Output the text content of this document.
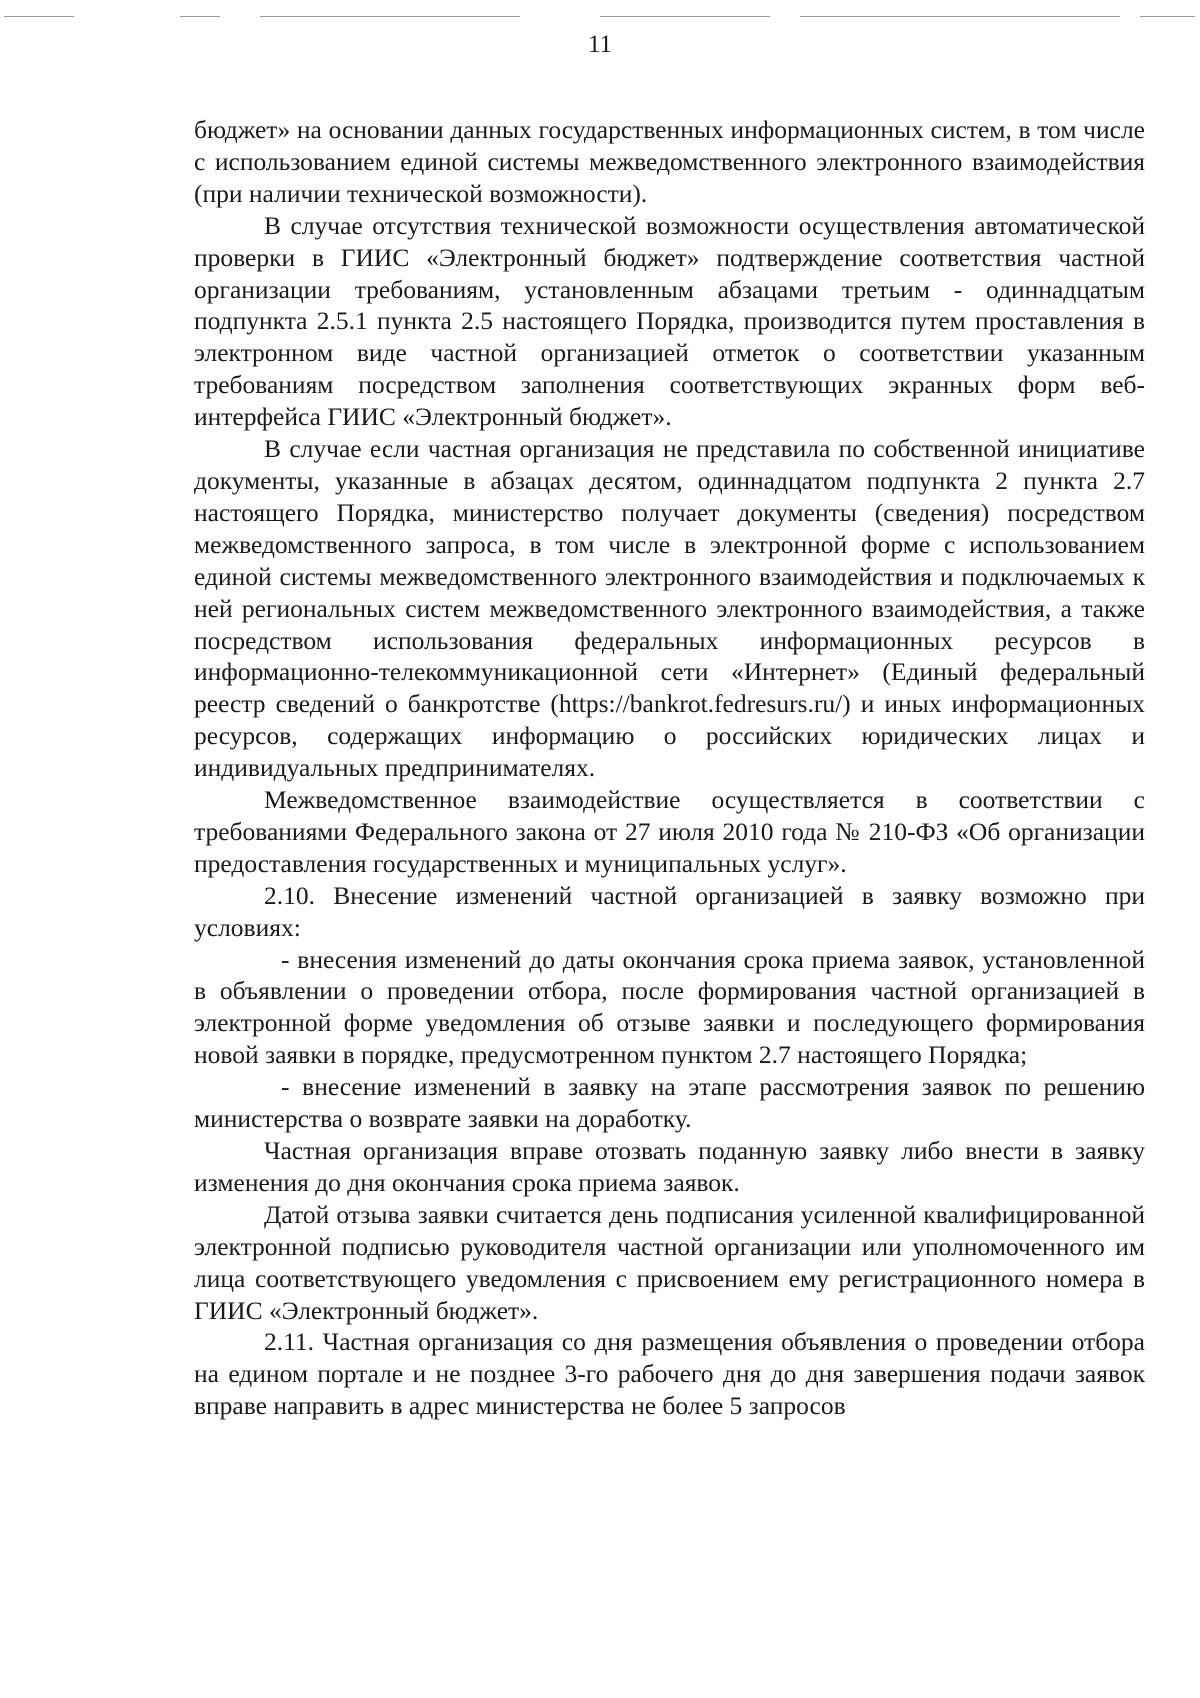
11

бюджет» на основании данных государственных информационных систем, в том числе с использованием единой системы межведомственного электронного взаимодействия (при наличии технической возможности).

В случае отсутствия технической возможности осуществления автоматической проверки в ГИИС «Электронный бюджет» подтверждение соответствия частной организации требованиям, установленным абзацами третьим - одиннадцатым подпункта 2.5.1 пункта 2.5 настоящего Порядка, производится путем проставления в электронном виде частной организацией отметок о соответствии указанным требованиям посредством заполнения соответствующих экранных форм веб-интерфейса ГИИС «Электронный бюджет».

В случае если частная организация не представила по собственной инициативе документы, указанные в абзацах десятом, одиннадцатом подпункта 2 пункта 2.7 настоящего Порядка, министерство получает документы (сведения) посредством межведомственного запроса, в том числе в электронной форме с использованием единой системы межведомственного электронного взаимодействия и подключаемых к ней региональных систем межведомственного электронного взаимодействия, а также посредством использования федеральных информационных ресурсов в информационно-телекоммуникационной сети «Интернет» (Единый федеральный реестр сведений о банкротстве (https://bankrot.fedresurs.ru/) и иных информационных ресурсов, содержащих информацию о российских юридических лицах и индивидуальных предпринимателях.

Межведомственное взаимодействие осуществляется в соответствии с требованиями Федерального закона от 27 июля 2010 года № 210-ФЗ «Об организации предоставления государственных и муниципальных услуг».

2.10. Внесение изменений частной организацией в заявку возможно при условиях:

- внесения изменений до даты окончания срока приема заявок, установленной в объявлении о проведении отбора, после формирования частной организацией в электронной форме уведомления об отзыве заявки и последующего формирования новой заявки в порядке, предусмотренном пунктом 2.7 настоящего Порядка;

- внесение изменений в заявку на этапе рассмотрения заявок по решению министерства о возврате заявки на доработку.

Частная организация вправе отозвать поданную заявку либо внести в заявку изменения до дня окончания срока приема заявок.

Датой отзыва заявки считается день подписания усиленной квалифицированной электронной подписью руководителя частной организации или уполномоченного им лица соответствующего уведомления с присвоением ему регистрационного номера в ГИИС «Электронный бюджет».

2.11. Частная организация со дня размещения объявления о проведении отбора на едином портале и не позднее 3-го рабочего дня до дня завершения подачи заявок вправе направить в адрес министерства не более 5 запросов
